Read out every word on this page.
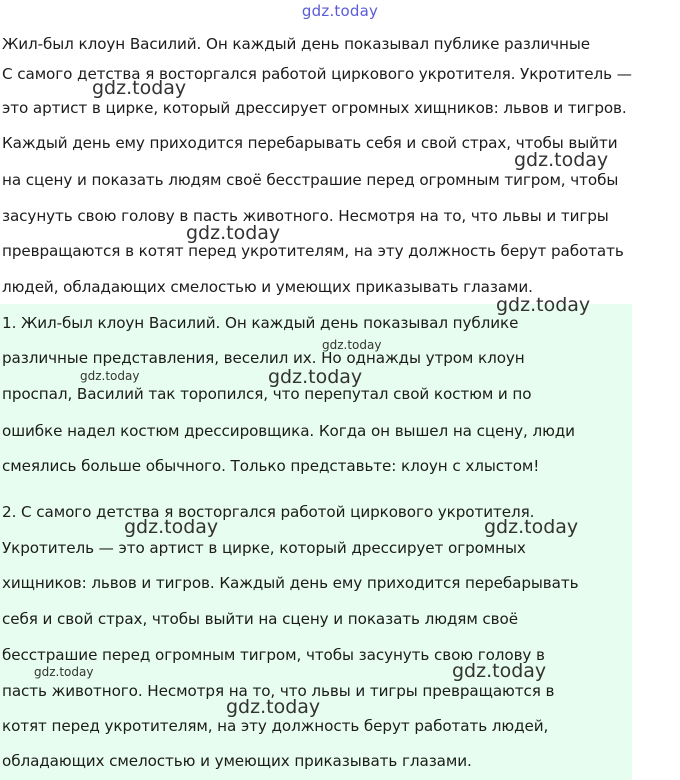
gdz.today
Жил-был клоун Василий. Он каждый день показывал публике различные
С самого детства я восторгался работой циркового укротителя. Укротитель —
это артист в цирке, который дрессирует огромных хищников: львов и тигров.
Каждый день ему приходится перебарывать себя и свой страх, чтобы выйти
на сцену и показать людям своё бесстрашие перед огромным тигром, чтобы
засунуть свою голову в пасть животного. Несмотря на то, что львы и тигры
превращаются в котят перед укротителям, на эту должность берут работать
людей, обладающих смелостью и умеющих приказывать глазами.
1. Жил-был клоун Василий. Он каждый день показывал публике
различные представления, веселил их. Но однажды утром клоун
проспал, Василий так торопился, что перепутал свой костюм и по
ошибке надел костюм дрессировщика. Когда он вышел на сцену, люди
смеялись больше обычного. Только представьте: клоун с хлыстом!
2. С самого детства я восторгался работой циркового укротителя.
Укротитель — это артист в цирке, который дрессирует огромных
хищников: львов и тигров. Каждый день ему приходится перебарывать
себя и свой страх, чтобы выйти на сцену и показать людям своё
бесстрашие перед огромным тигром, чтобы засунуть свою голову в
пасть животного. Несмотря на то, что львы и тигры превращаются в
котят перед укротителям, на эту должность берут работать людей,
обладающих смелостью и умеющих приказывать глазами.
gdz.today
gdz.today
gdz.today
gdz.today
gdz.today
gdz.today
gdz.today
gdz.today	gdz.today
gdz.today	gdz.today
gdz.today
